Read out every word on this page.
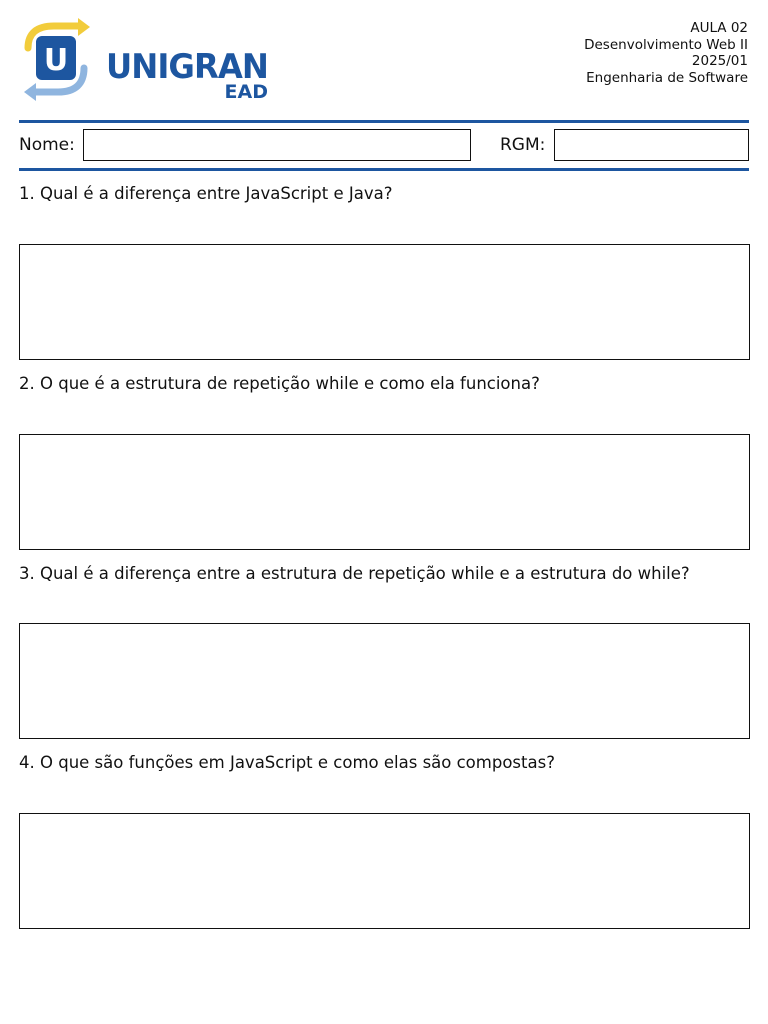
U UNIGRAN
EAD
AULA 02
Desenvolvimento Web II
2025/01
Engenharia de Software
Nome:	RGM:
1. Qual é a diferença entre JavaScript e Java?
2. O que é a estrutura de repetição while e como ela funciona?
3. Qual é a diferença entre a estrutura de repetição while e a estrutura do while?
4. O que são funções em JavaScript e como elas são compostas?
